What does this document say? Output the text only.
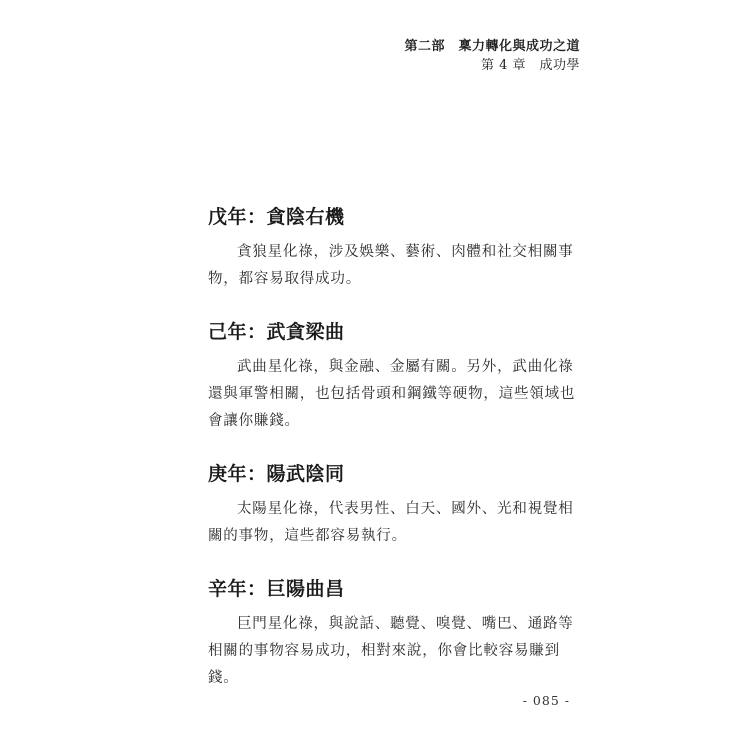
第二部　稟力轉化與成功之道
第 4 章　成功學
戊年：貪陰右機

貪狼星化祿，涉及娛樂、藝術、肉體和社交相關事物，都容易取得成功。

己年：武貪梁曲

武曲星化祿，與金融、金屬有關。另外，武曲化祿還與軍警相關，也包括骨頭和鋼鐵等硬物，這些領域也會讓你賺錢。

庚年：陽武陰同

太陽星化祿，代表男性、白天、國外、光和視覺相關的事物，這些都容易執行。

辛年：巨陽曲昌

巨門星化祿，與說話、聽覺、嗅覺、嘴巴、通路等相關的事物容易成功，相對來說，你會比較容易賺到錢。

- 085 -
